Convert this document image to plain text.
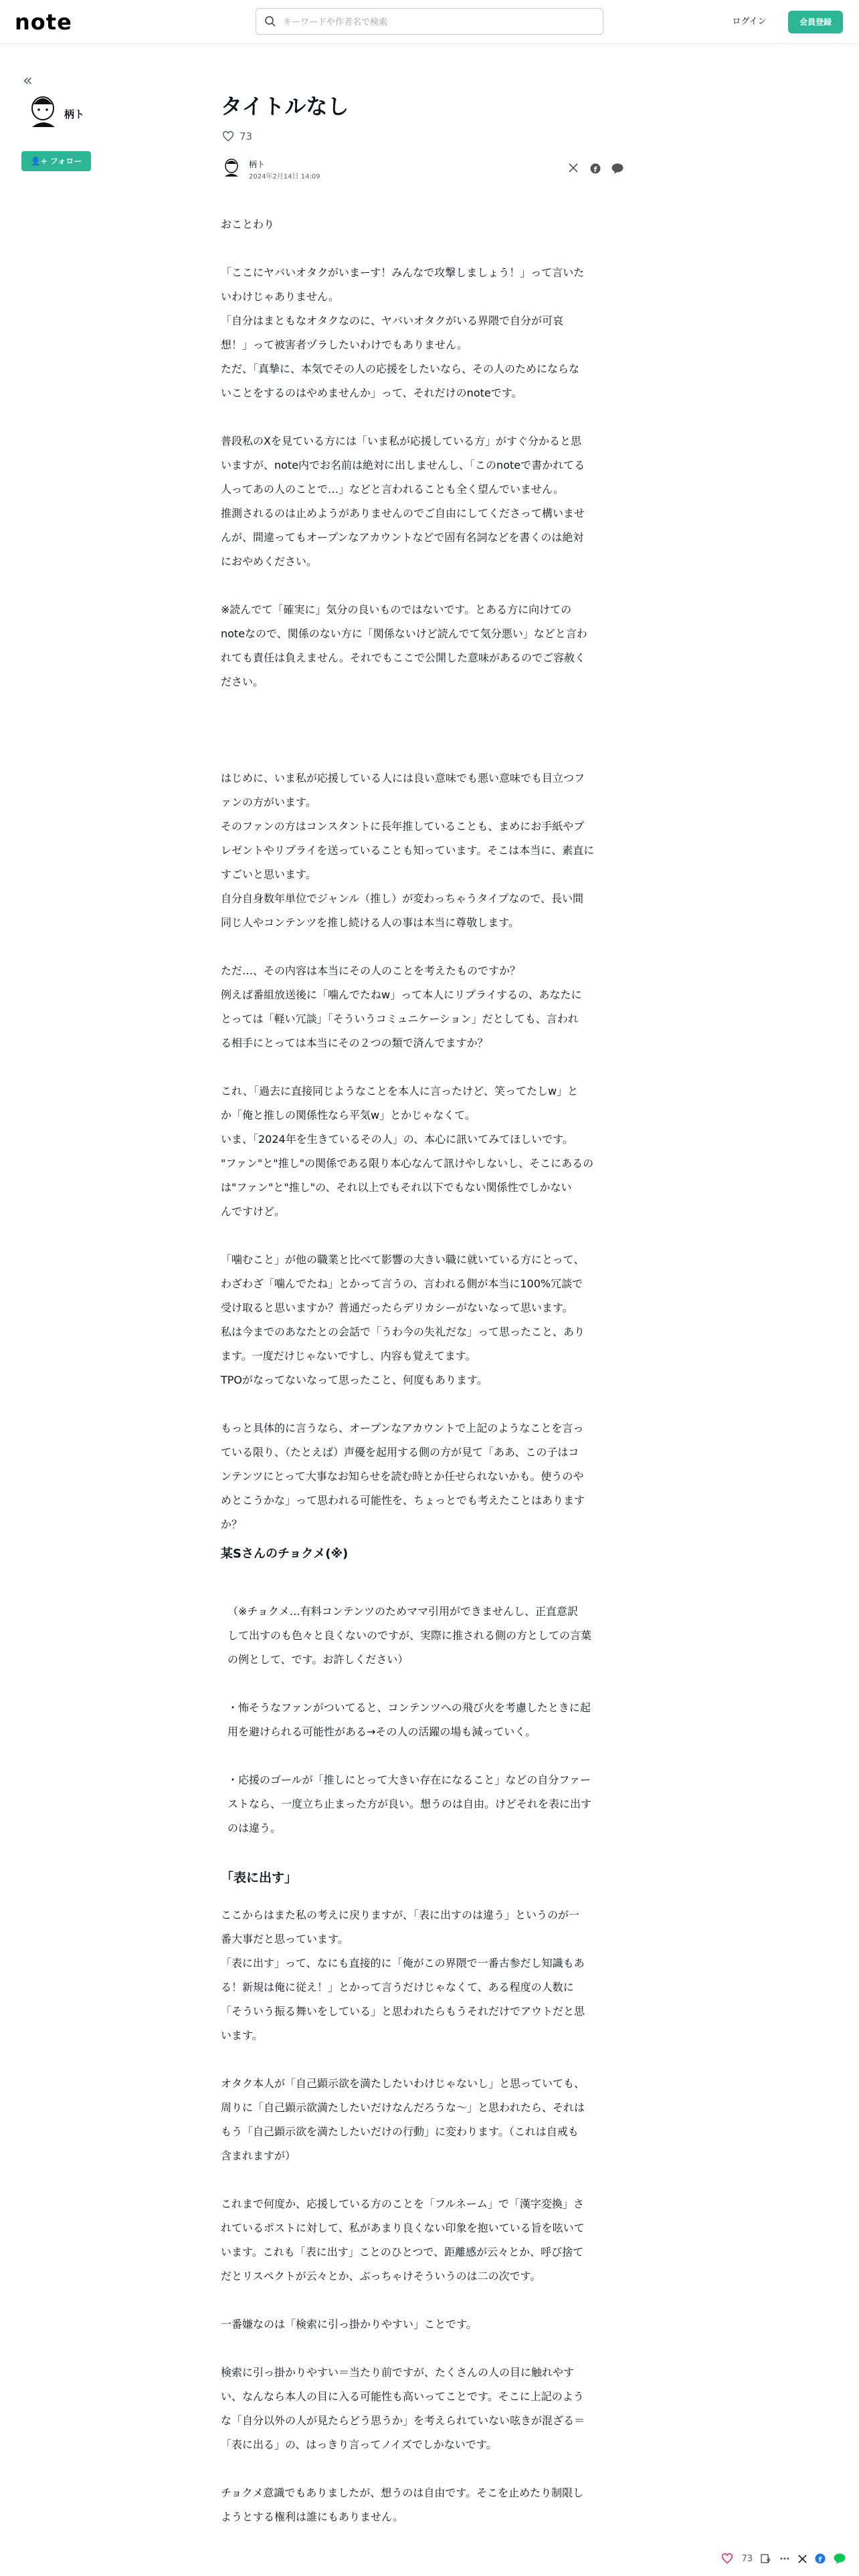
note
キーワードや作者名で検索	ログイン	会員登録
«
柄ト
👤+ フォロー
タイトルなし
73
柄ト
2024年2月14日 14:09
f

おことわり

「ここにヤバいオタクがいまーす！みんなで攻撃しましょう！」って言いた
いわけじゃありません。
「自分はまともなオタクなのに、ヤバいオタクがいる界隈で自分が可哀
想！」って被害者ヅラしたいわけでもありません。
ただ、「真摯に、本気でその人の応援をしたいなら、その人のためにならな
いことをするのはやめませんか」って、それだけのnoteです。

普段私のXを見ている方には「いま私が応援している方」がすぐ分かると思
いますが、note内でお名前は絶対に出しませんし、「このnoteで書かれてる
人ってあの人のことで…」などと言われることも全く望んでいません。
推測されるのは止めようがありませんのでご自由にしてくださって構いませ
んが、間違ってもオープンなアカウントなどで固有名詞などを書くのは絶対
におやめください。

※読んでて「確実に」気分の良いものではないです。とある方に向けての
noteなので、関係のない方に「関係ないけど読んでて気分悪い」などと言わ
れても責任は負えません。それでもここで公開した意味があるのでご容赦く
ださい。

はじめに、いま私が応援している人には良い意味でも悪い意味でも目立つフ
ァンの方がいます。
そのファンの方はコンスタントに長年推していることも、まめにお手紙やプ
レゼントやリプライを送っていることも知っています。そこは本当に、素直に
すごいと思います。
自分自身数年単位でジャンル（推し）が変わっちゃうタイプなので、長い間
同じ人やコンテンツを推し続ける人の事は本当に尊敬します。

ただ…、その内容は本当にその人のことを考えたものですか？
例えば番組放送後に「噛んでたねw」って本人にリプライするの、あなたに
とっては「軽い冗談」「そういうコミュニケーション」だとしても、言われ
る相手にとっては本当にその２つの類で済んでますか？

これ、「過去に直接同じようなことを本人に言ったけど、笑ってたしw」と
か「俺と推しの関係性なら平気w」とかじゃなくて。
いま、「2024年を生きているその人」の、本心に訊いてみてほしいです。
"ファン"と"推し"の関係である限り本心なんて訊けやしないし、そこにあるの
は"ファン"と"推し"の、それ以上でもそれ以下でもない関係性でしかない
んですけど。

「噛むこと」が他の職業と比べて影響の大きい職に就いている方にとって、
わざわざ「噛んでたね」とかって言うの、言われる側が本当に100%冗談で
受け取ると思いますか？普通だったらデリカシーがないなって思います。
私は今までのあなたとの会話で「うわ今の失礼だな」って思ったこと、あり
ます。一度だけじゃないですし、内容も覚えてます。
TPOがなってないなって思ったこと、何度もあります。

もっと具体的に言うなら、オープンなアカウントで上記のようなことを言っ
ている限り、（たとえば）声優を起用する側の方が見て「ああ、この子はコ
ンテンツにとって大事なお知らせを読む時とか任せられないかも。使うのや
めとこうかな」って思われる可能性を、ちょっとでも考えたことはあります
か？

某Sさんのチョクメ(※)

（※チョクメ…有料コンテンツのためママ引用ができませんし、正直意訳
して出すのも色々と良くないのですが、実際に推される側の方としての言葉
の例として、です。お許しください）

・怖そうなファンがついてると、コンテンツへの飛び火を考慮したときに起
用を避けられる可能性がある→その人の活躍の場も減っていく。

・応援のゴールが「推しにとって大きい存在になること」などの自分ファー
ストなら、一度立ち止まった方が良い。想うのは自由。けどそれを表に出す
のは違う。

「表に出す」

ここからはまた私の考えに戻りますが、「表に出すのは違う」というのが一
番大事だと思っています。
「表に出す」って、なにも直接的に「俺がこの界隈で一番古参だし知識もあ
る！新規は俺に従え！」とかって言うだけじゃなくて、ある程度の人数に
「そういう振る舞いをしている」と思われたらもうそれだけでアウトだと思
います。

オタク本人が「自己顕示欲を満たしたいわけじゃないし」と思っていても、
周りに「自己顕示欲満たしたいだけなんだろうな～」と思われたら、それは
もう「自己顕示欲を満たしたいだけの行動」に変わります。（これは自戒も
含まれますが）

これまで何度か、応援している方のことを「フルネーム」で「漢字変換」さ
れているポストに対して、私があまり良くない印象を抱いている旨を呟いて
います。これも「表に出す」ことのひとつで、距離感が云々とか、呼び捨て
だとリスペクトが云々とか、ぶっちゃけそういうのは二の次です。

一番嫌なのは「検索に引っ掛かりやすい」ことです。

検索に引っ掛かりやすい＝当たり前ですが、たくさんの人の目に触れやす
い、なんなら本人の目に入る可能性も高いってことです。そこに上記のよう
な「自分以外の人が見たらどう思うか」を考えられていない呟きが混ざる＝
「表に出る」の、はっきり言ってノイズでしかないです。

チョクメ意識でもありましたが、想うのは自由です。そこを止めたり制限し
ようとする権利は誰にもありません。

73	f
